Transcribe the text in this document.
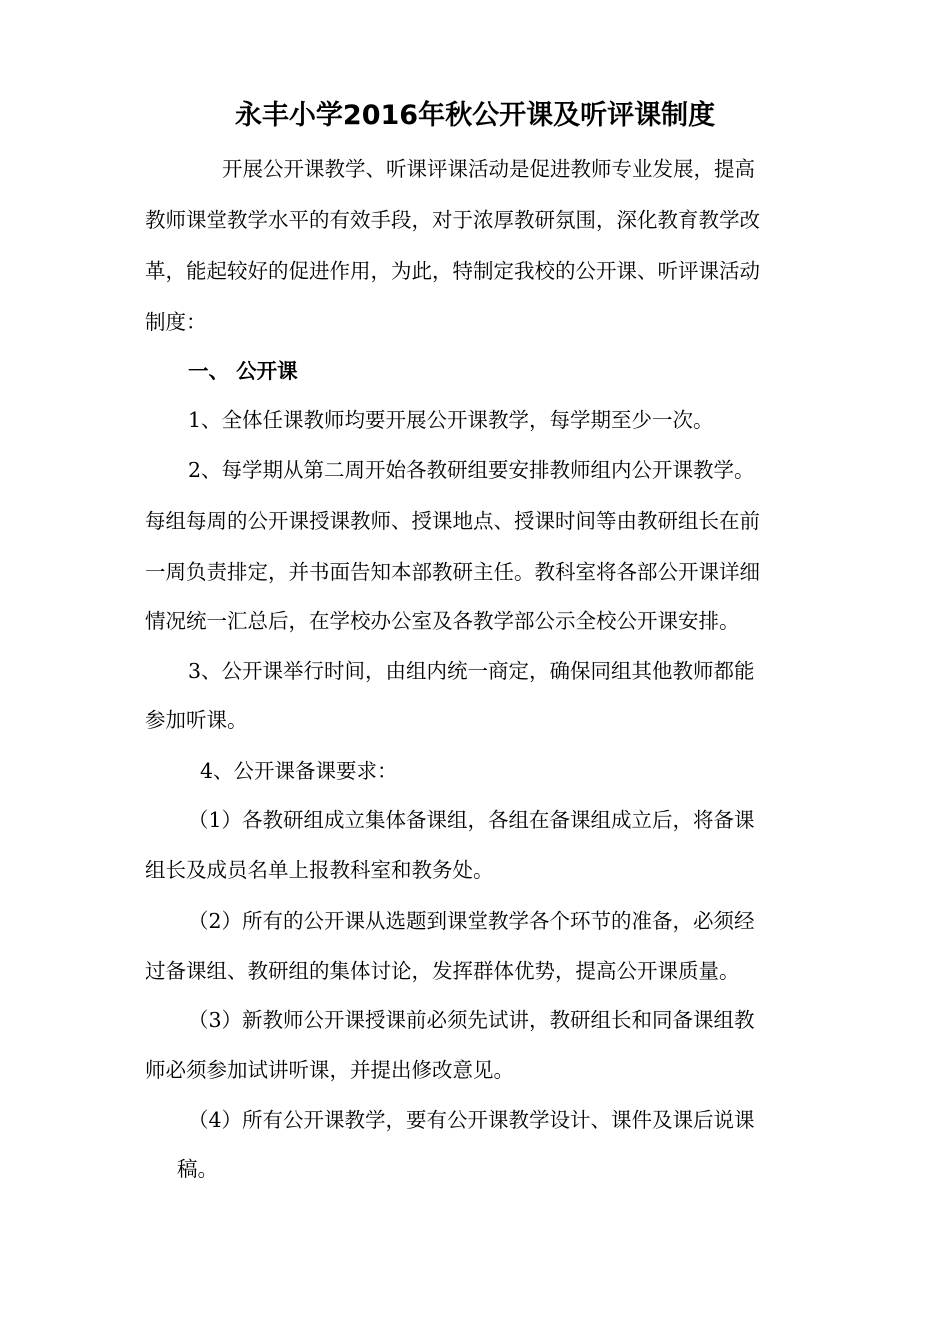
永丰小学2016年秋公开课及听评课制度
开展公开课教学、听课评课活动是促进教师专业发展，提高
教师课堂教学水平的有效手段，对于浓厚教研氛围，深化教育教学改
革，能起较好的促进作用，为此，特制定我校的公开课、听评课活动
制度：
一、 公开课
1、全体任课教师均要开展公开课教学，每学期至少一次。
2、每学期从第二周开始各教研组要安排教师组内公开课教学。
每组每周的公开课授课教师、授课地点、授课时间等由教研组长在前
一周负责排定，并书面告知本部教研主任。教科室将各部公开课详细
情况统一汇总后，在学校办公室及各教学部公示全校公开课安排。
3、公开课举行时间，由组内统一商定，确保同组其他教师都能
参加听课。
4、公开课备课要求：
（1）各教研组成立集体备课组，各组在备课组成立后，将备课
组长及成员名单上报教科室和教务处。
（2）所有的公开课从选题到课堂教学各个环节的准备，必须经
过备课组、教研组的集体讨论，发挥群体优势，提高公开课质量。
（3）新教师公开课授课前必须先试讲，教研组长和同备课组教
师必须参加试讲听课，并提出修改意见。
（4）所有公开课教学，要有公开课教学设计、课件及课后说课
稿。
